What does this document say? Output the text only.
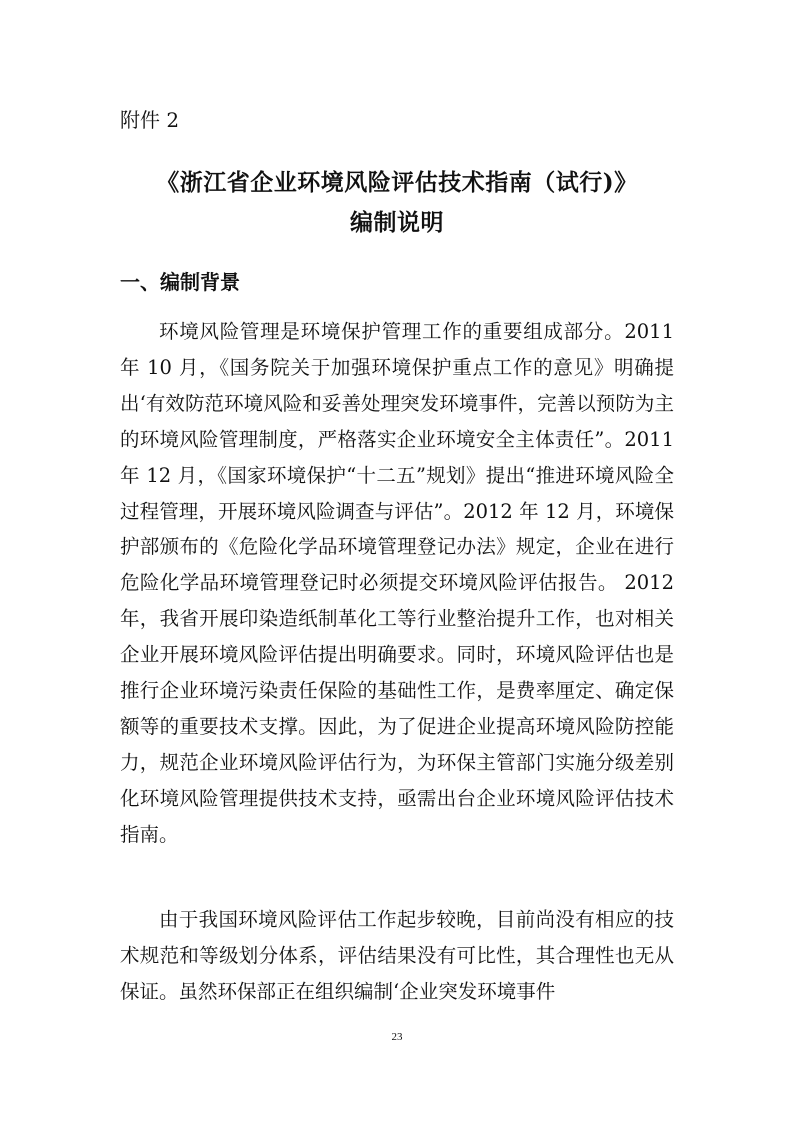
附件 2
《浙江省企业环境风险评估技术指南（试行)》
编制说明
一、编制背景

环境风险管理是环境保护管理工作的重要组成部分。2011 年 10 月，《国务院关于加强环境保护重点工作的意见》明确提出‘有效防范环境风险和妥善处理突发环境事件，完善以预防为主的环境风险管理制度，严格落实企业环境安全主体责任”。2011 年 12 月，《国家环境保护“十二五”规划》提出“推进环境风险全过程管理，开展环境风险调查与评估”。2012 年 12 月，环境保护部颁布的《危险化学品环境管理登记办法》规定，企业在进行危险化学品环境管理登记时必须提交环境风险评估报告。 2012 年，我省开展印染造纸制革化工等行业整治提升工作，也对相关企业开展环境风险评估提出明确要求。同时，环境风险评估也是推行企业环境污染责任保险的基础性工作，是费率厘定、确定保额等的重要技术支撑。因此，为了促进企业提高环境风险防控能力，规范企业环境风险评估行为，为环保主管部门实施分级差别化环境风险管理提供技术支持，亟需出台企业环境风险评估技术指南。

由于我国环境风险评估工作起步较晚，目前尚没有相应的技术规范和等级划分体系，评估结果没有可比性，其合理性也无从保证。虽然环保部正在组织编制‘企业突发环境事件

23
